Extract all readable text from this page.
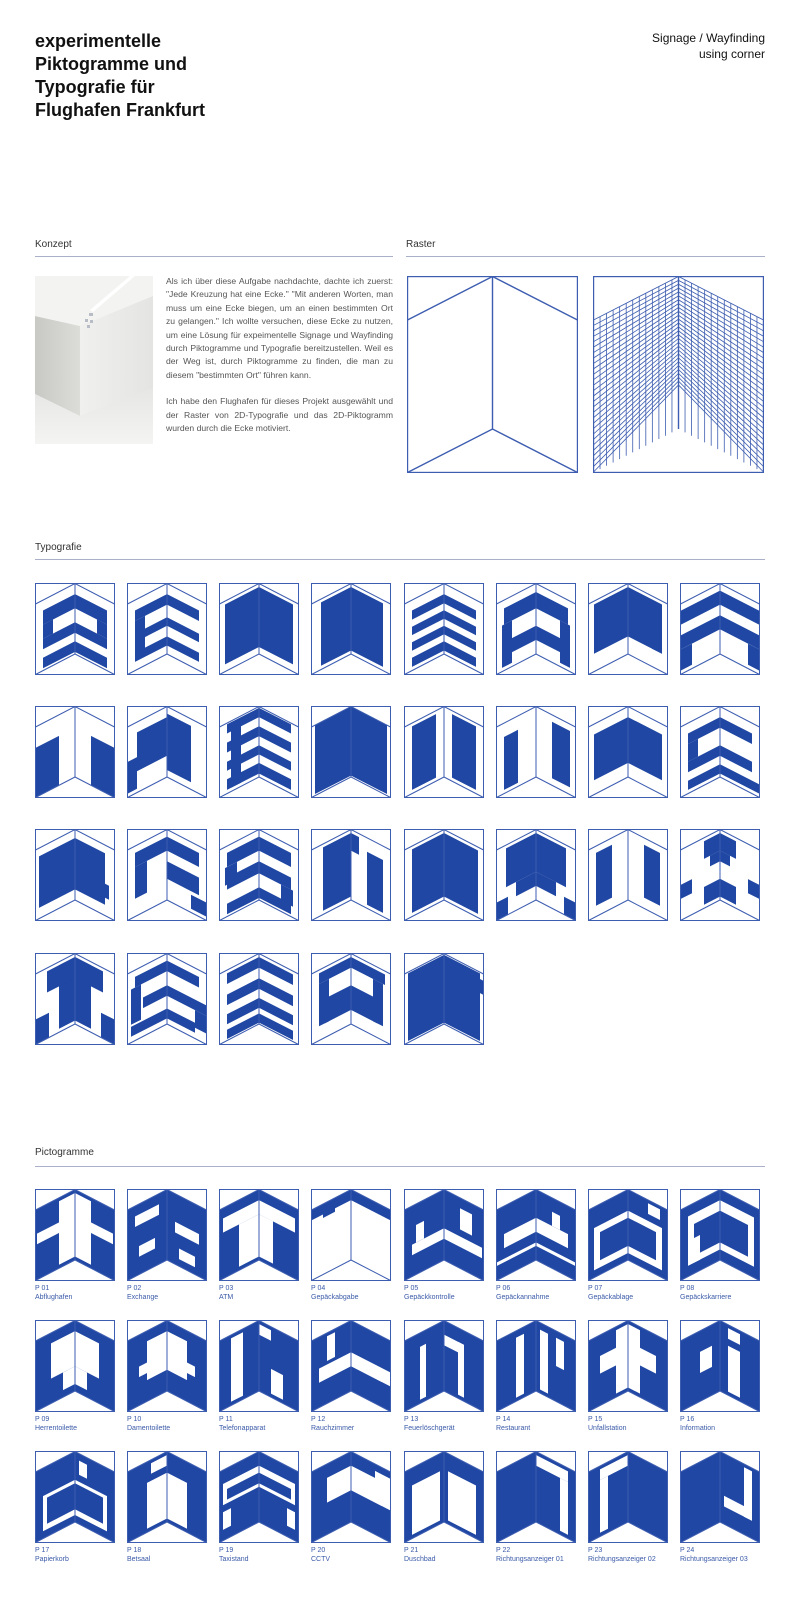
experimentelle
Piktogramme und
Typografie für
Flughafen Frankfurt
Signage / Wayfinding
using corner
Konzept

Als ich über diese Aufgabe nachdachte, dachte ich zuerst: "Jede Kreuzung hat eine Ecke." "Mit anderen Worten, man muss um eine Ecke biegen, um an einen bestimmten Ort zu gelangen." Ich wollte versuchen, diese Ecke zu nutzen, um eine Lösung für expeimentelle Signage und Wayfinding durch Piktogramme und Typografie bereitzustellen. Weil es der Weg ist, durch Piktogramme zu finden, die man zu diesem "bestimmten Ort" führen kann.

Ich habe den Flughafen für dieses Projekt ausgewählt und der Raster von 2D-Typografie und das 2D-Piktogramm wurden durch die Ecke motiviert.

Raster
Typografie
Pictogramme
P 01
Abflughafen
P 02
Exchange
P 03
ATM
P 04
Gepäckabgabe
P 05
Gepäckkontrolle
P 06
Gepäckannahme
P 07
Gepäckablage
P 08
Gepäckskarriere
P 09
Herrentoilette
P 10
Damentoilette
P 11
Telefonapparat
P 12
Rauchzimmer
P 13
Feuerlöschgerät
P 14
Restaurant
P 15
Unfallstation
P 16
Information
P 17
Papierkorb
P 18
Betsaal
P 19
Taxistand
P 20
CCTV
P 21
Duschbad
P 22
Richtungsanzeiger 01
P 23
Richtungsanzeiger 02
P 24
Richtungsanzeiger 03
